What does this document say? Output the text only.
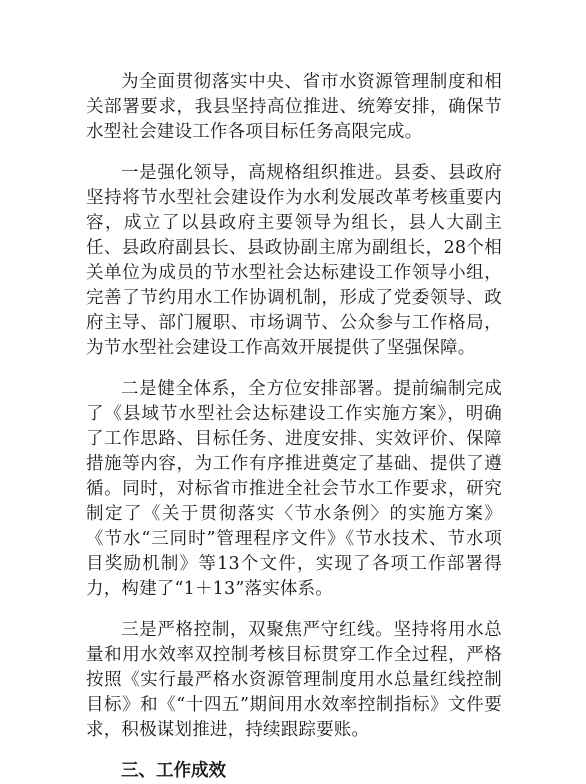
为全面贯彻落实中央、省市水资源管理制度和相关部署要求，我县坚持高位推进、统筹安排，确保节水型社会建设工作各项目标任务高限完成。

一是强化领导，高规格组织推进。县委、县政府坚持将节水型社会建设作为水利发展改革考核重要内容，成立了以县政府主要领导为组长，县人大副主任、县政府副县长、县政协副主席为副组长，28个相关单位为成员的节水型社会达标建设工作领导小组，完善了节约用水工作协调机制，形成了党委领导、政府主导、部门履职、市场调节、公众参与工作格局，为节水型社会建设工作高效开展提供了坚强保障。

二是健全体系，全方位安排部署。提前编制完成了《县域节水型社会达标建设工作实施方案》，明确了工作思路、目标任务、进度安排、实效评价、保障措施等内容，为工作有序推进奠定了基础、提供了遵循。同时，对标省市推进全社会节水工作要求，研究制定了《关于贯彻落实〈节水条例〉的实施方案》《节水“三同时”管理程序文件》《节水技术、节水项目奖励机制》等13个文件，实现了各项工作部署得力，构建了“1＋13”落实体系。

三是严格控制，双聚焦严守红线。坚持将用水总量和用水效率双控制考核目标贯穿工作全过程，严格按照《实行最严格水资源管理制度用水总量红线控制目标》和《“十四五”期间用水效率控制指标》文件要求，积极谋划推进，持续跟踪要账。

三、工作成效
